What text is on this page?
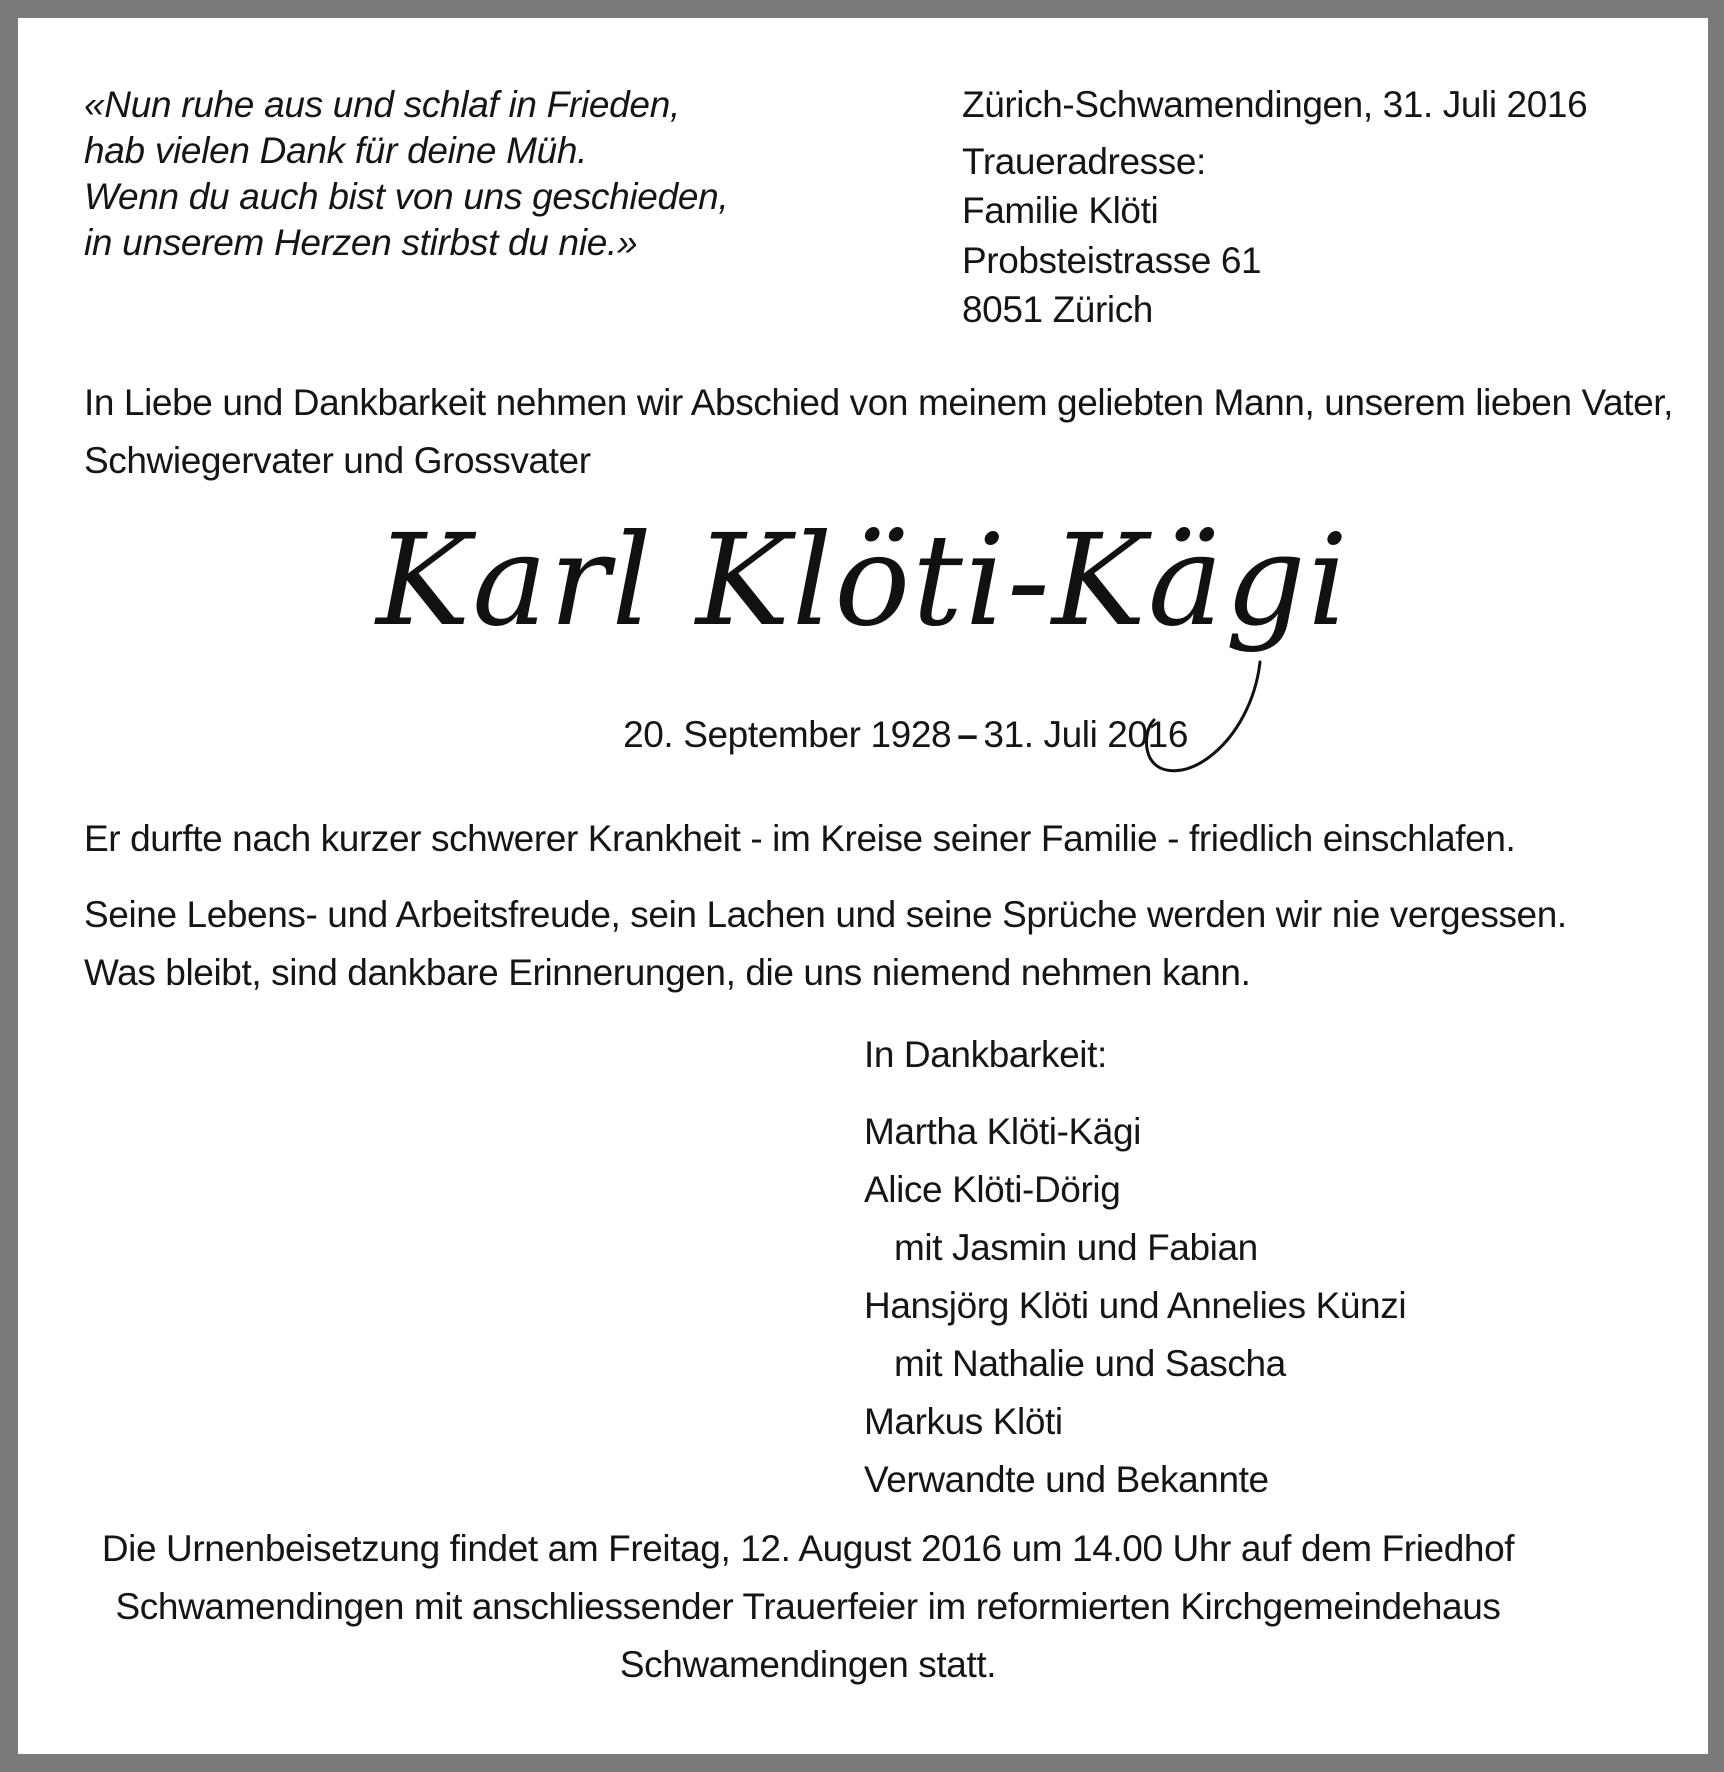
«Nun ruhe aus und schlaf in Frieden,
hab vielen Dank für deine Müh.
Wenn du auch bist von uns geschieden,
in unserem Herzen stirbst du nie.»
Zürich-Schwamendingen, 31. Juli 2016
Traueradresse:
Familie Klöti
Probsteistrasse 61
8051 Zürich
In Liebe und Dankbarkeit nehmen wir Abschied von meinem geliebten Mann, unserem lieben Vater,
Schwiegervater und Grossvater
Karl Klöti-Kägi
20. September 1928 – 31. Juli 2016
Er durfte nach kurzer schwerer Krankheit - im Kreise seiner Familie - friedlich einschlafen.
Seine Lebens- und Arbeitsfreude, sein Lachen und seine Sprüche werden wir nie vergessen.
Was bleibt, sind dankbare Erinnerungen, die uns niemend nehmen kann.
In Dankbarkeit:
Martha Klöti-Kägi
Alice Klöti-Dörig
mit Jasmin und Fabian
Hansjörg Klöti und Annelies Künzi
mit Nathalie und Sascha
Markus Klöti
Verwandte und Bekannte
Die Urnenbeisetzung findet am Freitag, 12. August 2016 um 14.00 Uhr auf dem Friedhof
Schwamendingen mit anschliessender Trauerfeier im reformierten Kirchgemeindehaus
Schwamendingen statt.
